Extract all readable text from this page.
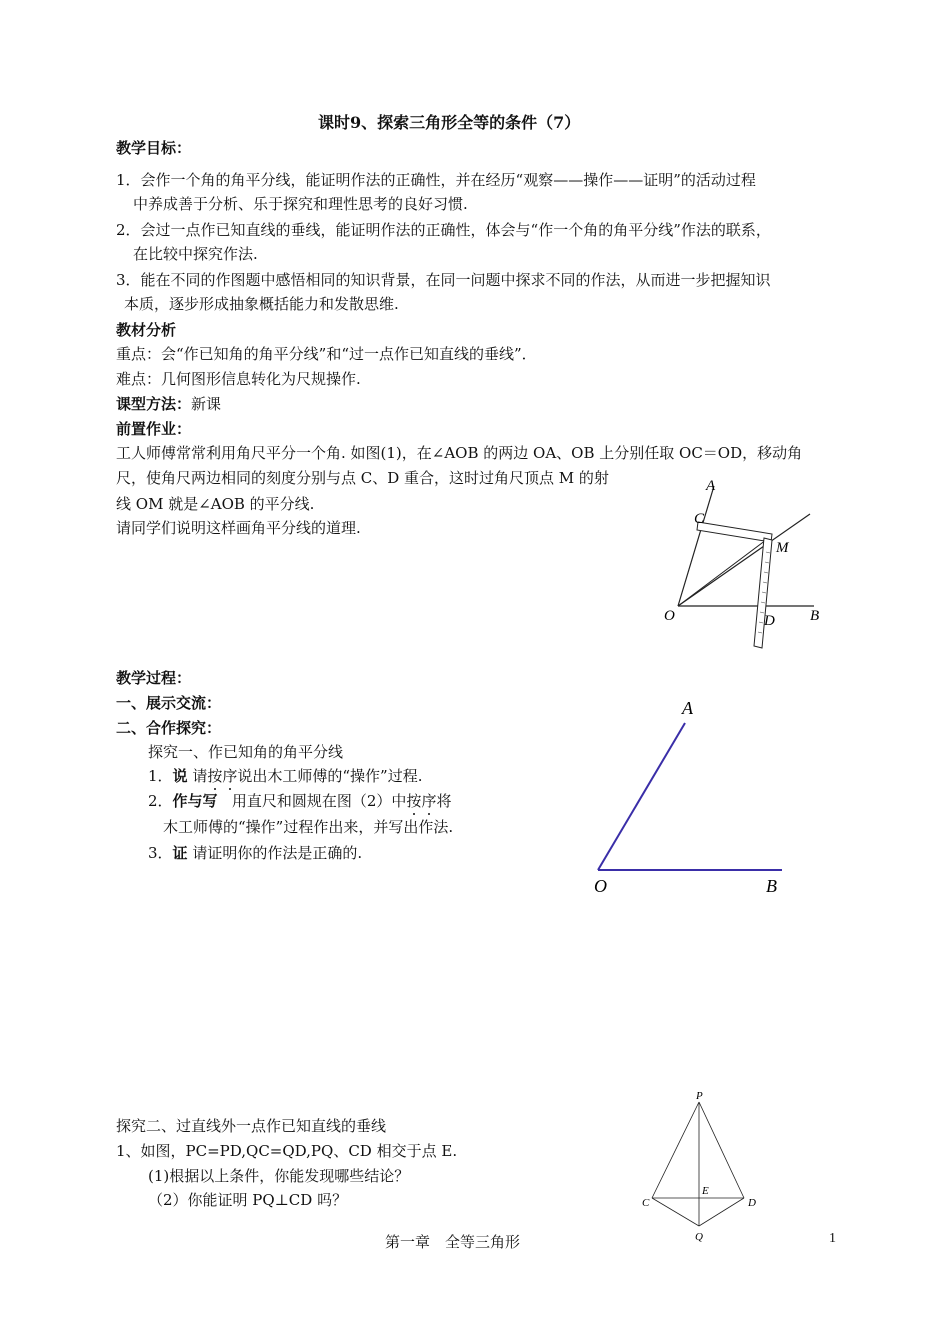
课时9、探索三角形全等的条件（7）
教学目标：
1．会作一个角的角平分线，能证明作法的正确性，并在经历“观察——操作——证明”的活动过程
中养成善于分析、乐于探究和理性思考的良好习惯.
2．会过一点作已知直线的垂线，能证明作法的正确性，体会与“作一个角的角平分线”作法的联系，
在比较中探究作法.
3．能在不同的作图题中感悟相同的知识背景，在同一问题中探求不同的作法，从而进一步把握知识
本质，逐步形成抽象概括能力和发散思维.
教材分析
重点：会“作已知角的角平分线”和“过一点作已知直线的垂线”．
难点：几何图形信息转化为尺规操作.
课型方法：新课
前置作业：
工人师傅常常利用角尺平分一个角. 如图(1)，在∠AOB 的两边 OA、OB 上分别任取 OC＝OD，移动角
尺，使角尺两边相同的刻度分别与点 C、D 重合，这时过角尺顶点 M 的射
线 OM 就是∠AOB 的平分线.
请同学们说明这样画角平分线的道理.
A
C
M
O	D B
教学过程：
一、展示交流：
二、合作探究：
探究一、作已知角的角平分线
1．说 请按序说出木工师傅的“操作”过程.
2．作与写 用直尺和圆规在图（2）中按序将
木工师傅的“操作”过程作出来，并写出作法.
3．证 请证明你的作法是正确的.
A
O	B
探究二、过直线外一点作已知直线的垂线
1、如图，PC=PD,QC=QD,PQ、CD 相交于点 E.
(1)根据以上条件，你能发现哪些结论？
（2）你能证明 PQ⊥CD 吗？
P
C
E
D
Q
第一章　全等三角形	1
